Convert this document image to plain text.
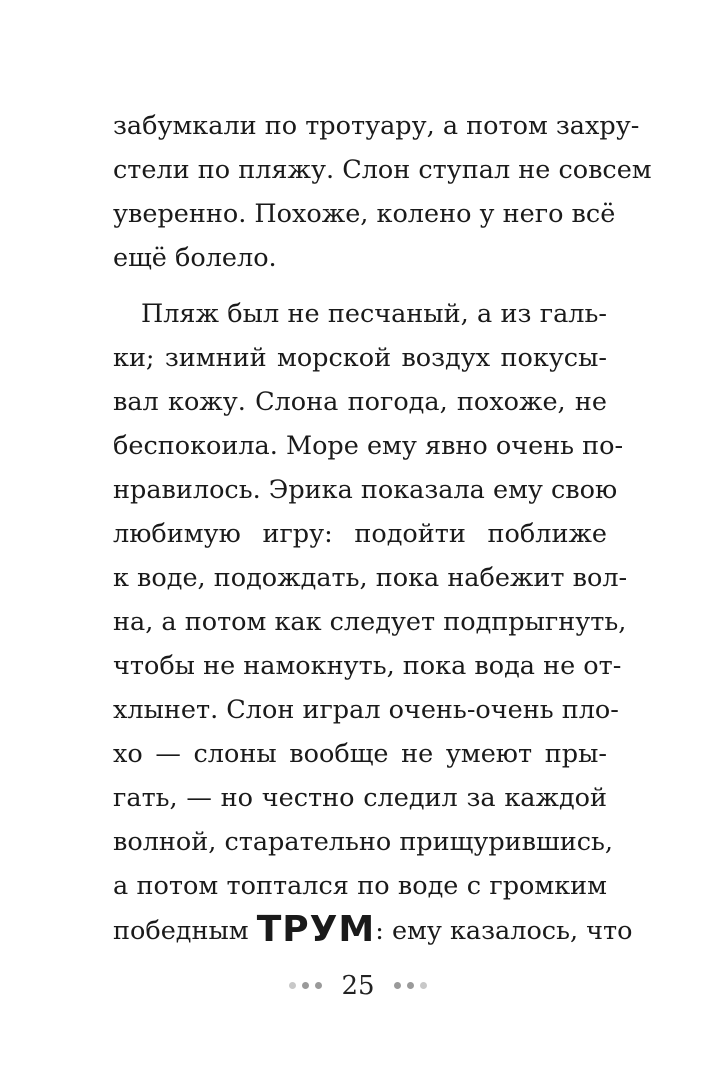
забумкали по тротуару, а потом захру-
стели по пляжу. Слон ступал не совсем
уверенно. Похоже, колено у него всё
ещё болело.
Пляж был не песчаный, а из галь-
ки; зимний морской воздух покусы-
вал кожу. Слона погода, похоже, не
беспокоила. Море ему явно очень по-
нравилось. Эрика показала ему свою
любимую игру: подойти поближе
к воде, подождать, пока набежит вол-
на, а потом как следует подпрыгнуть,
чтобы не намокнуть, пока вода не от-
хлынет. Слон играл очень-очень пло-
хо — слоны вообще не умеют пры-
гать, — но честно следил за каждой
волной, старательно прищурившись,
а потом топтался по воде с громким
победным ТРУМ: ему казалось, что
25
